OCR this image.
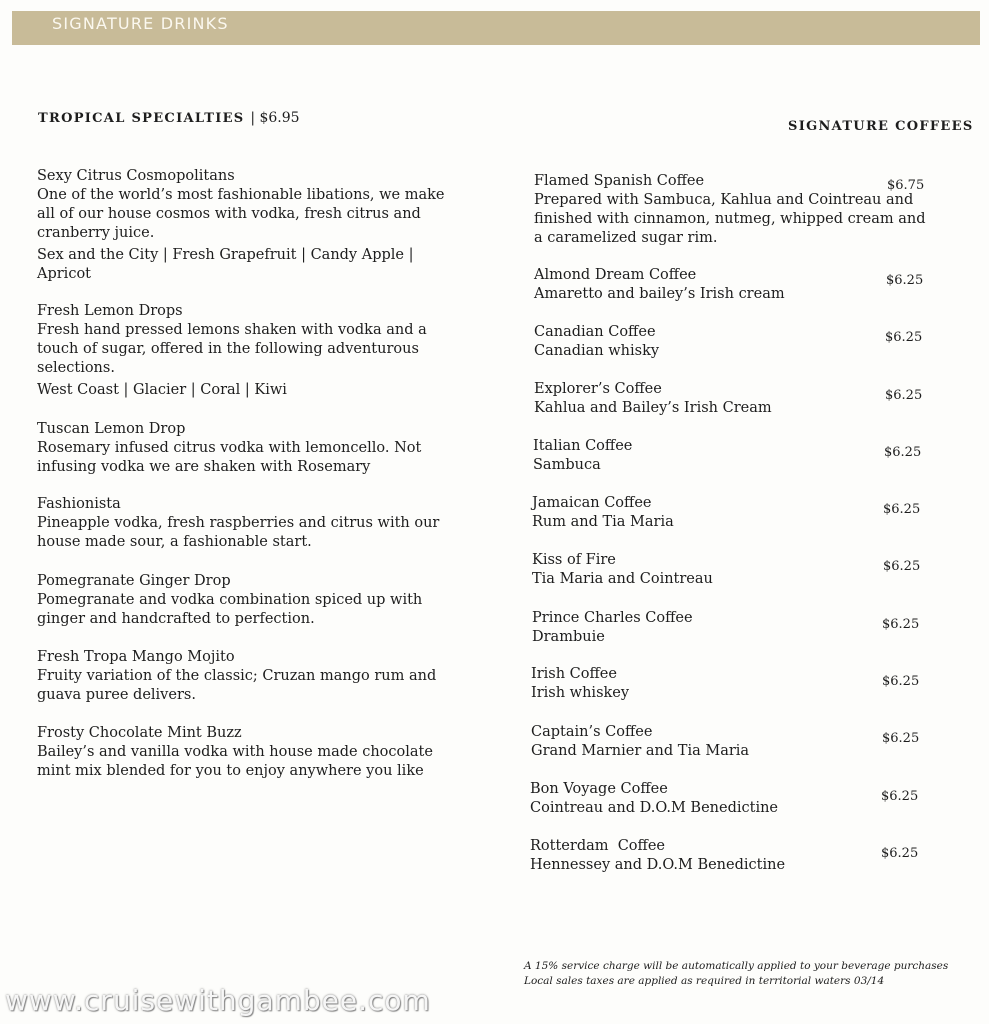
SIGNATURE DRINKS
TROPICAL SPECIALTIES | $6.95
SIGNATURE COFFEES
Sexy Citrus Cosmopolitans
One of the world’s most fashionable libations, we make all of our house cosmos with vodka, fresh citrus and cranberry juice.
Sex and the City | Fresh Grapefruit | Candy Apple | Apricot
Fresh Lemon Drops
Fresh hand pressed lemons shaken with vodka and a touch of sugar, offered in the following adventurous selections.
West Coast | Glacier | Coral | Kiwi
Tuscan Lemon Drop
Rosemary infused citrus vodka with lemoncello. Not infusing vodka we are shaken with Rosemary
Fashionista
Pineapple vodka, fresh raspberries and citrus with our house made sour, a fashionable start.
Pomegranate Ginger Drop
Pomegranate and vodka combination spiced up with ginger and handcrafted to perfection.
Fresh Tropa Mango Mojito
Fruity variation of the classic; Cruzan mango rum and guava puree delivers.
Frosty Chocolate Mint Buzz
Bailey’s and vanilla vodka with house made chocolate mint mix blended for you to enjoy anywhere you like
Flamed Spanish Coffee	$6.75
Prepared with Sambuca, Kahlua and Cointreau and finished with cinnamon, nutmeg, whipped cream and a caramelized sugar rim.
Almond Dream Coffee	$6.25
Amaretto and bailey’s Irish cream
Canadian Coffee	$6.25
Canadian whisky
Explorer’s Coffee	$6.25
Kahlua and Bailey’s Irish Cream
Italian Coffee	$6.25
Sambuca
Jamaican Coffee	$6.25
Rum and Tia Maria
Kiss of Fire	$6.25
Tia Maria and Cointreau
Prince Charles Coffee	$6.25
Drambuie
Irish Coffee	$6.25
Irish whiskey
Captain’s Coffee	$6.25
Grand Marnier and Tia Maria
Bon Voyage Coffee	$6.25
Cointreau and D.O.M Benedictine
Rotterdam  Coffee	$6.25
Hennessey and D.O.M Benedictine
A 15% service charge will be automatically applied to your beverage purchases
Local sales taxes are applied as required in territorial waters 03/14
www.cruisewithgambee.com
